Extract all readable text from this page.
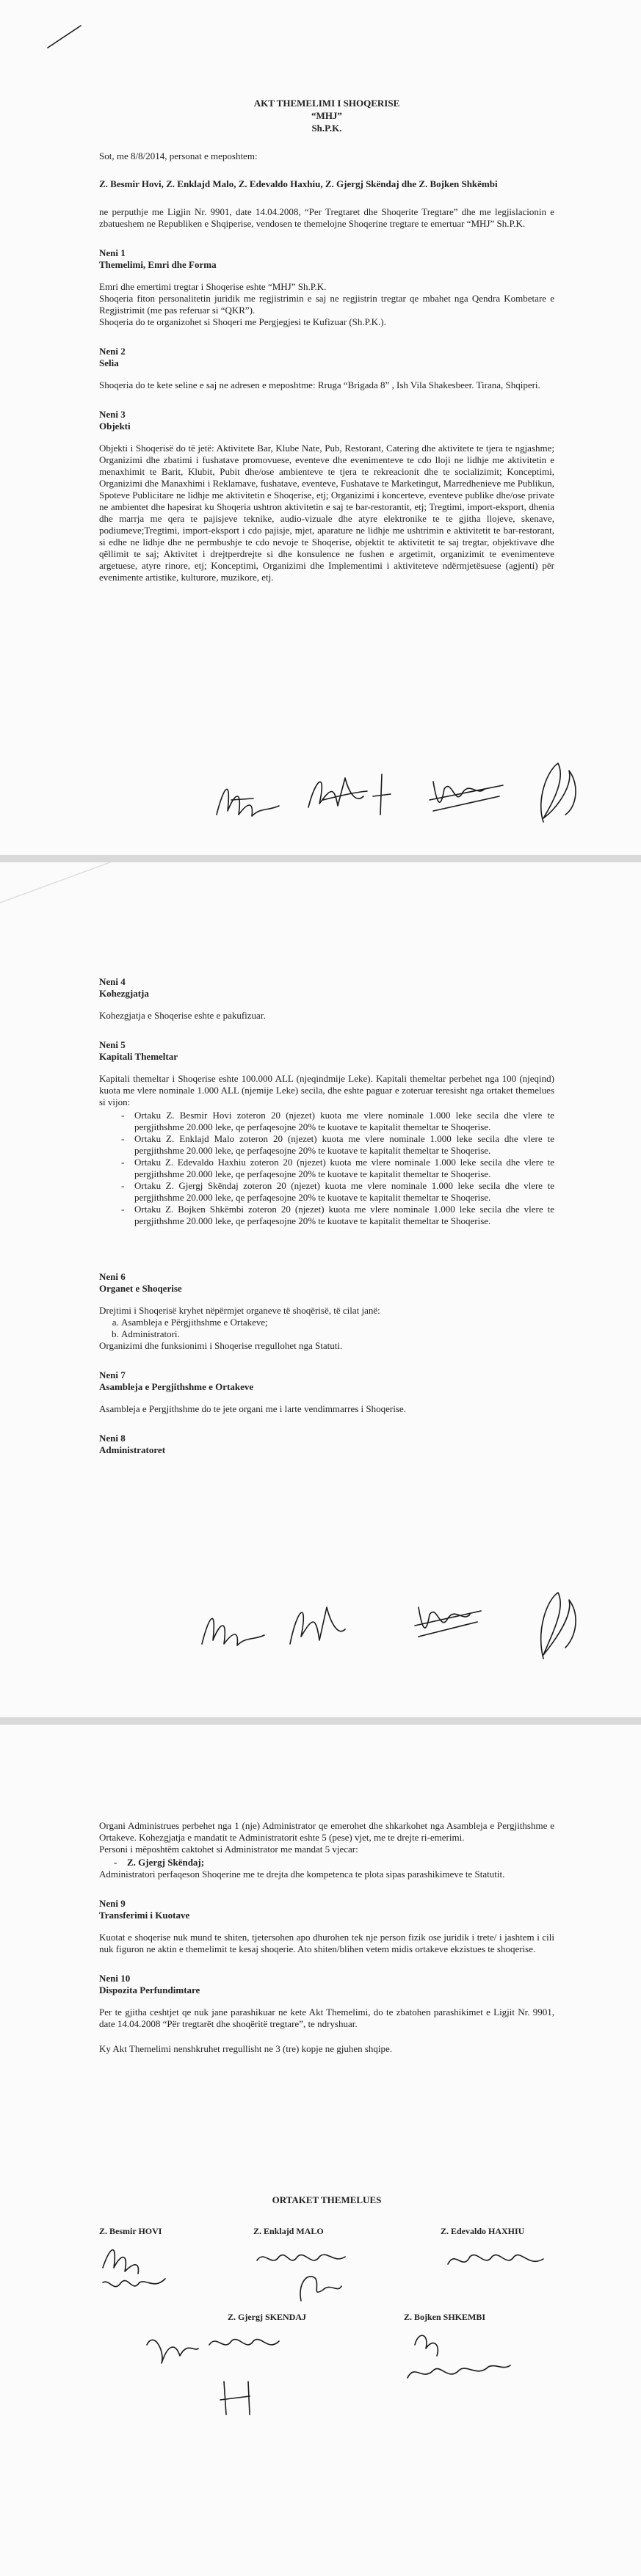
AKT THEMELIMI I SHOQERISE
“MHJ”
Sh.P.K.

Sot, me 8/8/2014, personat e meposhtem:

Z. Besmir Hovi, Z. Enklajd Malo, Z. Edevaldo Haxhiu, Z. Gjergj Skëndaj dhe Z. Bojken Shkëmbi

ne perputhje me Ligjin Nr. 9901, date 14.04.2008, “Per Tregtaret dhe Shoqerite Tregtare” dhe me legjislacionin e zbatueshem ne Republiken e Shqiperise, vendosen te themelojne Shoqerine tregtare te emertuar “MHJ” Sh.P.K.

Neni 1
Themelimi, Emri dhe Forma

Emri dhe emertimi tregtar i Shoqerise eshte “MHJ” Sh.P.K.

Shoqeria fiton personalitetin juridik me regjistrimin e saj ne regjistrin tregtar qe mbahet nga Qendra Kombetare e Regjistrimit (me pas referuar si “QKR”).

Shoqeria do te organizohet si Shoqeri me Pergjegjesi te Kufizuar (Sh.P.K.).

Neni 2
Selia

Shoqeria do te kete seline e saj ne adresen e meposhtme: Rruga “Brigada 8” , Ish Vila Shakesbeer. Tirana, Shqiperi.

Neni 3
Objekti

Objekti i Shoqerisë do të jetë: Aktivitete Bar, Klube Nate, Pub, Restorant, Catering dhe aktivitete te tjera te ngjashme; Organizimi dhe zbatimi i fushatave promovuese, eventeve dhe evenimenteve te cdo lloji ne lidhje me aktivitetin e menaxhimit te Barit, Klubit, Pubit dhe/ose ambienteve te tjera te rekreacionit dhe te socializimit; Konceptimi, Organizimi dhe Manaxhimi i Reklamave, fushatave, eventeve, Fushatave te Marketingut, Marredhenieve me Publikun, Spoteve Publicitare ne lidhje me aktivitetin e Shoqerise, etj; Organizimi i koncerteve, eventeve publike dhe/ose private ne ambientet dhe hapesirat ku Shoqeria ushtron aktivitetin e saj te bar-restorantit, etj; Tregtimi, import-eksport, dhenia dhe marrja me qera te pajisjeve teknike, audio-vizuale dhe atyre elektronike te te gjitha llojeve, skenave, podiumeve;Tregtimi, import-eksport i cdo pajisje, mjet, aparature ne lidhje me ushtrimin e aktivitetit te bar-restorant, si edhe ne lidhje dhe ne permbushje te cdo nevoje te Shoqerise, objektit te aktivitetit te saj tregtar, objektivave dhe qëllimit te saj; Aktivitet i drejtperdrejte si dhe konsulence ne fushen e argetimit, organizimit te evenimenteve argetuese, atyre rinore, etj; Konceptimi, Organizimi dhe Implementimi i aktiviteteve ndërmjetësuese (agjenti) për evenimente artistike, kulturore, muzikore, etj.

Neni 4
Kohezgjatja

Kohezgjatja e Shoqerise eshte e pakufizuar.

Neni 5
Kapitali Themeltar

Kapitali themeltar i Shoqerise eshte 100.000 ALL (njeqindmije Leke). Kapitali themeltar perbehet nga 100 (njeqind) kuota me vlere nominale 1.000 ALL (njemije Leke) secila, dhe eshte paguar e zoteruar teresisht nga ortaket themelues si vijon:

- Ortaku Z. Besmir Hovi zoteron 20 (njezet) kuota me vlere nominale 1.000 leke secila dhe vlere te pergjithshme 20.000 leke, qe perfaqesojne 20% te kuotave te kapitalit themeltar te Shoqerise.
- Ortaku Z. Enklajd Malo zoteron 20 (njezet) kuota me vlere nominale 1.000 leke secila dhe vlere te pergjithshme 20.000 leke, qe perfaqesojne 20% te kuotave te kapitalit themeltar te Shoqerise.
- Ortaku Z. Edevaldo Haxhiu zoteron 20 (njezet) kuota me vlere nominale 1.000 leke secila dhe vlere te pergjithshme 20.000 leke, qe perfaqesojne 20% te kuotave te kapitalit themeltar te Shoqerise.
- Ortaku Z. Gjergj Skëndaj zoteron 20 (njezet) kuota me vlere nominale 1.000 leke secila dhe vlere te pergjithshme 20.000 leke, qe perfaqesojne 20% te kuotave te kapitalit themeltar te Shoqerise.
- Ortaku Z. Bojken Shkëmbi zoteron 20 (njezet) kuota me vlere nominale 1.000 leke secila dhe vlere te pergjithshme 20.000 leke, qe perfaqesojne 20% te kuotave te kapitalit themeltar te Shoqerise.
Neni 6
Organet e Shoqerise

Drejtimi i Shoqerisë kryhet nëpërmjet organeve të shoqërisë, të cilat janë:

a. Asambleja e Përgjithshme e Ortakeve;
b. Administratori.

Organizimi dhe funksionimi i Shoqerise rregullohet nga Statuti.

Neni 7
Asambleja e Pergjithshme e Ortakeve

Asambleja e Pergjithshme do te jete organi me i larte vendimmarres i Shoqerise.

Neni 8
Administratoret

Organi Administrues perbehet nga 1 (nje) Administrator qe emerohet dhe shkarkohet nga Asambleja e Pergjithshme e Ortakeve. Kohezgjatja e mandatit te Administratorit eshte 5 (pese) vjet, me te drejte ri-emerimi.

Personi i mëposhtëm caktohet si Administrator me mandat 5 vjecar:

- Z. Gjergj Skëndaj;

Administratori perfaqeson Shoqerine me te drejta dhe kompetenca te plota sipas parashikimeve te Statutit.

Neni 9
Transferimi i Kuotave

Kuotat e shoqerise nuk mund te shiten, tjetersohen apo dhurohen tek nje person fizik ose juridik i trete/ i jashtem i cili nuk figuron ne aktin e themelimit te kesaj shoqerie. Ato shiten/blihen vetem midis ortakeve ekzistues te shoqerise.

Neni 10
Dispozita Perfundimtare

Per te gjitha ceshtjet qe nuk jane parashikuar ne kete Akt Themelimi, do te zbatohen parashikimet e Ligjit Nr. 9901, date 14.04.2008 “Për tregtarët dhe shoqëritë tregtare”, te ndryshuar.

Ky Akt Themelimi nenshkruhet rregullisht ne 3 (tre) kopje ne gjuhen shqipe.

ORTAKET THEMELUES
Z. Besmir HOVI	Z. Enklajd MALO	Z. Edevaldo HAXHIU
Z. Gjergj SKENDAJ	Z. Bojken SHKEMBI
